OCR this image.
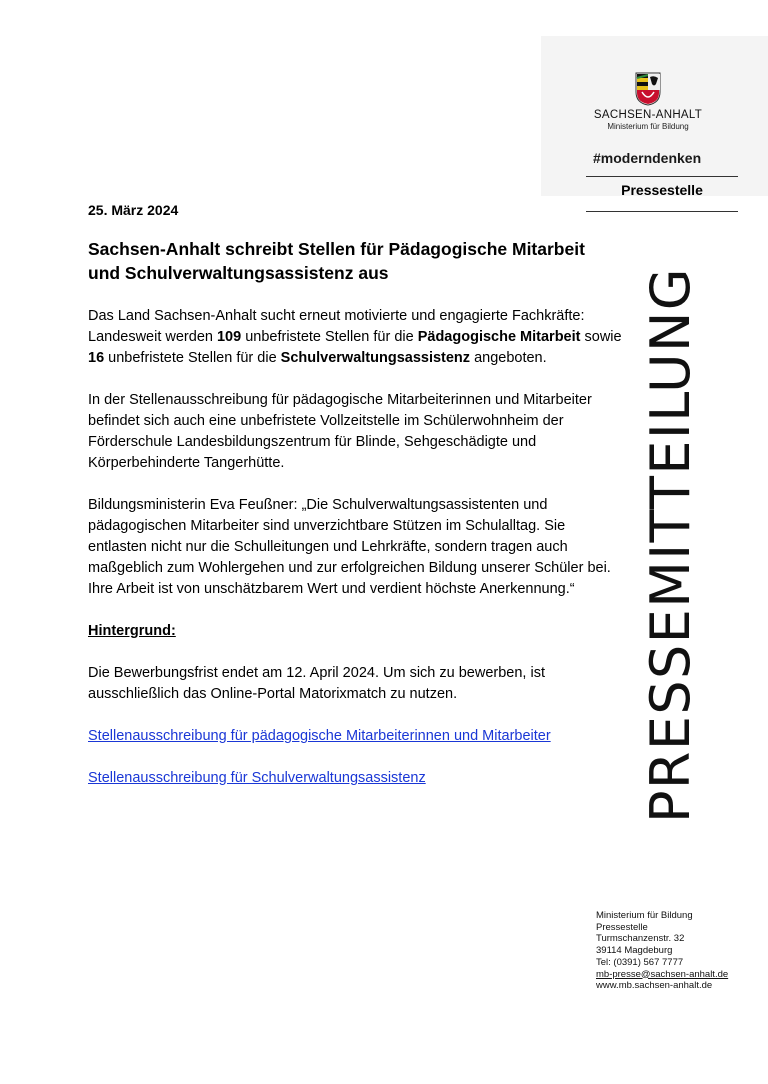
SACHSEN-ANHALT
Ministerium für Bildung
#moderndenken
Pressestelle
25. März 2024
Sachsen-Anhalt schreibt Stellen für Pädagogische Mitarbeit
und Schulverwaltungsassistenz aus

Das Land Sachsen-Anhalt sucht erneut motivierte und engagierte Fachkräfte: Landesweit werden 109 unbefristete Stellen für die Pädagogische Mitarbeit sowie 16 unbefristete Stellen für die Schulverwaltungsassistenz angeboten.

In der Stellenausschreibung für pädagogische Mitarbeiterinnen und Mitarbeiter befindet sich auch eine unbefristete Vollzeitstelle im Schülerwohnheim der Förderschule Landesbildungszentrum für Blinde, Sehgeschädigte und Körperbehinderte Tangerhütte.

Bildungsministerin Eva Feußner: „Die Schulverwaltungsassistenten und pädagogischen Mitarbeiter sind unverzichtbare Stützen im Schulalltag. Sie entlasten nicht nur die Schulleitungen und Lehrkräfte, sondern tragen auch maßgeblich zum Wohlergehen und zur erfolgreichen Bildung unserer Schüler bei. Ihre Arbeit ist von unschätzbarem Wert und verdient höchste Anerkennung.“

Hintergrund:

Die Bewerbungsfrist endet am 12. April 2024. Um sich zu bewerben, ist ausschließlich das Online-Portal Matorixmatch zu nutzen.

Stellenausschreibung für pädagogische Mitarbeiterinnen und Mitarbeiter

Stellenausschreibung für Schulverwaltungsassistenz	PRESSEMITTEILUNG
Ministerium für Bildung
Pressestelle
Turmschanzenstr. 32
39114 Magdeburg
Tel: (0391) 567 7777
mb-presse@sachsen-anhalt.de
www.mb.sachsen-anhalt.de
